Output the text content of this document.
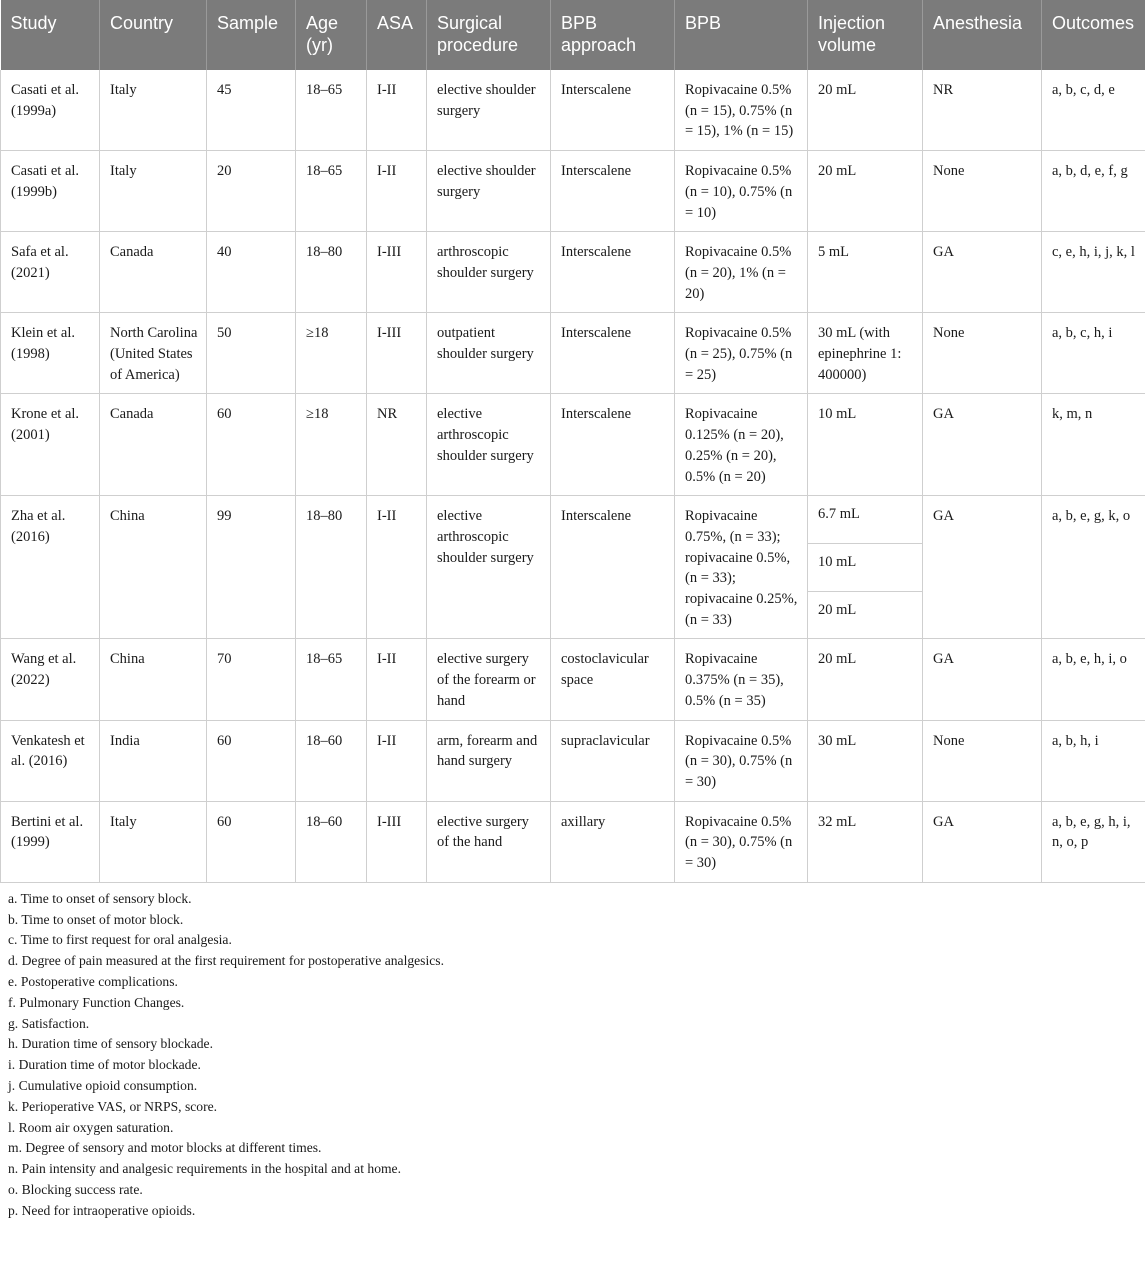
Study	Country	Sample	Age (yr)	ASA	Surgical procedure	BPB approach	BPB	Injection volume	Anesthesia	Outcomes
Casati et al. (1999a)	Italy	45	18–65	I-II	elective shoulder surgery	Interscalene	Ropivacaine 0.5% (n = 15), 0.75% (n = 15), 1% (n = 15)	20 mL	NR	a, b, c, d, e
Casati et al. (1999b)	Italy	20	18–65	I-II	elective shoulder surgery	Interscalene	Ropivacaine 0.5% (n = 10), 0.75% (n = 10)	20 mL	None	a, b, d, e, f, g
Safa et al. (2021)	Canada	40	18–80	I-III	arthroscopic shoulder surgery	Interscalene	Ropivacaine 0.5% (n = 20), 1% (n = 20)	5 mL	GA	c, e, h, i, j, k, l
Klein et al. (1998)	North Carolina (United States of America)	50	≥18	I-III	outpatient shoulder surgery	Interscalene	Ropivacaine 0.5% (n = 25), 0.75% (n = 25)	30 mL (with epinephrine 1: 400000)	None	a, b, c, h, i
Krone et al. (2001)	Canada	60	≥18	NR	elective arthroscopic shoulder surgery	Interscalene	Ropivacaine 0.125% (n = 20), 0.25% (n = 20), 0.5% (n = 20)	10 mL	GA	k, m, n
Zha et al. (2016)	China	99	18–80	I-II	elective arthroscopic shoulder surgery	Interscalene	Ropivacaine 0.75%, (n = 33); ropivacaine 0.5%, (n = 33); ropivacaine 0.25%, (n = 33)	6.7 mL	GA	a, b, e, g, k, o
								10 mL		
								20 mL		
Wang et al. (2022)	China	70	18–65	I-II	elective surgery of the forearm or hand	costoclavicular space	Ropivacaine 0.375% (n = 35), 0.5% (n = 35)	20 mL	GA	a, b, e, h, i, o
Venkatesh et al. (2016)	India	60	18–60	I-II	arm, forearm and hand surgery	supraclavicular	Ropivacaine 0.5% (n = 30), 0.75% (n = 30)	30 mL	None	a, b, h, i
Bertini et al. (1999)	Italy	60	18–60	I-III	elective surgery of the hand	axillary	Ropivacaine 0.5% (n = 30), 0.75% (n = 30)	32 mL	GA	a, b, e, g, h, i, n, o, p
a. Time to onset of sensory block.
b. Time to onset of motor block.
c. Time to first request for oral analgesia.
d. Degree of pain measured at the first requirement for postoperative analgesics.
e. Postoperative complications.
f. Pulmonary Function Changes.
g. Satisfaction.
h. Duration time of sensory blockade.
i. Duration time of motor blockade.
j. Cumulative opioid consumption.
k. Perioperative VAS, or NRPS, score.
l. Room air oxygen saturation.
m. Degree of sensory and motor blocks at different times.
n. Pain intensity and analgesic requirements in the hospital and at home.
o. Blocking success rate.
p. Need for intraoperative opioids.
